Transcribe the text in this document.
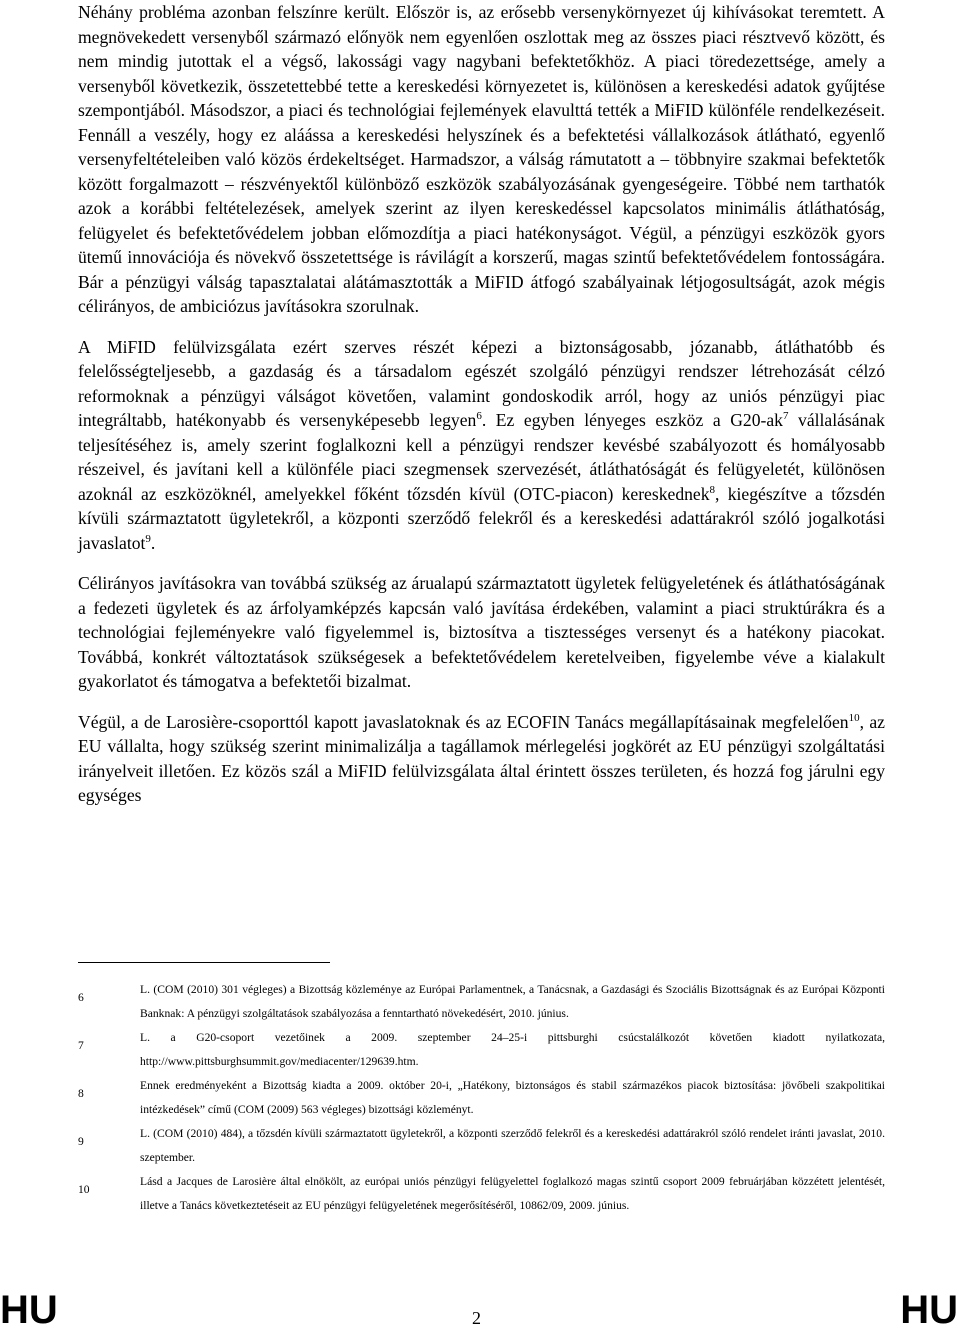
Néhány probléma azonban felszínre került. Először is, az erősebb versenykörnyezet új kihívásokat teremtett. A megnövekedett versenyből származó előnyök nem egyenlően oszlottak meg az összes piaci résztvevő között, és nem mindig jutottak el a végső, lakossági vagy nagybani befektetőkhöz. A piaci töredezettsége, amely a versenyből következik, összetettebbé tette a kereskedési környezetet is, különösen a kereskedési adatok gyűjtése szempontjából. Másodszor, a piaci és technológiai fejlemények elavulttá tették a MiFID különféle rendelkezéseit. Fennáll a veszély, hogy ez aláássa a kereskedési helyszínek és a befektetési vállalkozások átlátható, egyenlő versenyfeltételeiben való közös érdekeltséget. Harmadszor, a válság rámutatott a – többnyire szakmai befektetők között forgalmazott – részvényektől különböző eszközök szabályozásának gyengeségeire. Többé nem tarthatók azok a korábbi feltételezések, amelyek szerint az ilyen kereskedéssel kapcsolatos minimális átláthatóság, felügyelet és befektetővédelem jobban előmozdítja a piaci hatékonyságot. Végül, a pénzügyi eszközök gyors ütemű innovációja és növekvő összetettsége is rávilágít a korszerű, magas szintű befektetővédelem fontosságára. Bár a pénzügyi válság tapasztalatai alátámasztották a MiFID átfogó szabályainak létjogosultságát, azok mégis célirányos, de ambiciózus javításokra szorulnak.

A MiFID felülvizsgálata ezért szerves részét képezi a biztonságosabb, józanabb, átláthatóbb és felelősségteljesebb, a gazdaság és a társadalom egészét szolgáló pénzügyi rendszer létrehozását célzó reformoknak a pénzügyi válságot követően, valamint gondoskodik arról, hogy az uniós pénzügyi piac integráltabb, hatékonyabb és versenyképesebb legyen$^6$. Ez egyben lényeges eszköz a $G20-ak^7$ vállalásának teljesítéséhez is, amely szerint foglalkozni kell a pénzügyi rendszer kevésbé szabályozott és homályosabb részeivel, és javítani kell a különféle piaci szegmensek szervezését, átláthatóságát és felügyeletét, különösen azoknál az eszközöknél, amelyekkel főként tőzsdén kívül (OTC-piacon) kereskednek$^8$, kiegészítve a tőzsdén kívüli származtatott ügyletekről, a központi szerződő felekről és a kereskedési adattárakról szóló jogalkotási javaslatot$^9$.

Célirányos javításokra van továbbá szükség az árualapú származtatott ügyletek felügyeletének és átláthatóságának a fedezeti ügyletek és az árfolyamképzés kapcsán való javítása érdekében, valamint a piaci struktúrákra és a technológiai fejleményekre való figyelemmel is, biztosítva a tisztességes versenyt és a hatékony piacokat. Továbbá, konkrét változtatások szükségesek a befektetővédelem keretelveiben, figyelembe véve a kialakult gyakorlatot és támogatva a befektetői bizalmat.

Végül, a de Larosière-csoporttól kapott javaslatoknak és az ECOFIN Tanács megállapításainak megfelelően$^{10}$, az EU vállalta, hogy szükség szerint minimalizálja a tagállamok mérlegelési jogkörét az EU pénzügyi szolgáltatási irányelveit illetően. Ez közös szál a MiFID felülvizsgálata által érintett összes területen, és hozzá fog járulni egy egységes

6
L. (COM (2010) 301 végleges) a Bizottság közleménye az Európai Parlamentnek, a Tanácsnak, a Gazdasági és Szociális Bizottságnak és az Európai Központi Banknak: A pénzügyi szolgáltatások szabályozása a fenntartható növekedésért, 2010. június.
7
L. a G20-csoport vezetőinek a 2009. szeptember 24–25-i pittsburghi csúcstalálkozót követően kiadott nyilatkozata, http://www.pittsburghsummit.gov/mediacenter/129639.htm.
8
Ennek eredményeként a Bizottság kiadta a 2009. október 20-i, „Hatékony, biztonságos és stabil származékos piacok biztosítása: jövőbeli szakpolitikai intézkedések” című (COM (2009) 563 végleges) bizottsági közleményt.
9
L. (COM (2010) 484), a tőzsdén kívüli származtatott ügyletekről, a központi szerződő felekről és a kereskedési adattárakról szóló rendelet iránti javaslat, 2010. szeptember.
10
Lásd a Jacques de Larosière által elnökölt, az európai uniós pénzügyi felügyelettel foglalkozó magas szintű csoport 2009 februárjában közzétett jelentését, illetve a Tanács következtetéseit az EU pénzügyi felügyeletének megerősítéséről, 10862/09, 2009. június.
HU	2	HU
